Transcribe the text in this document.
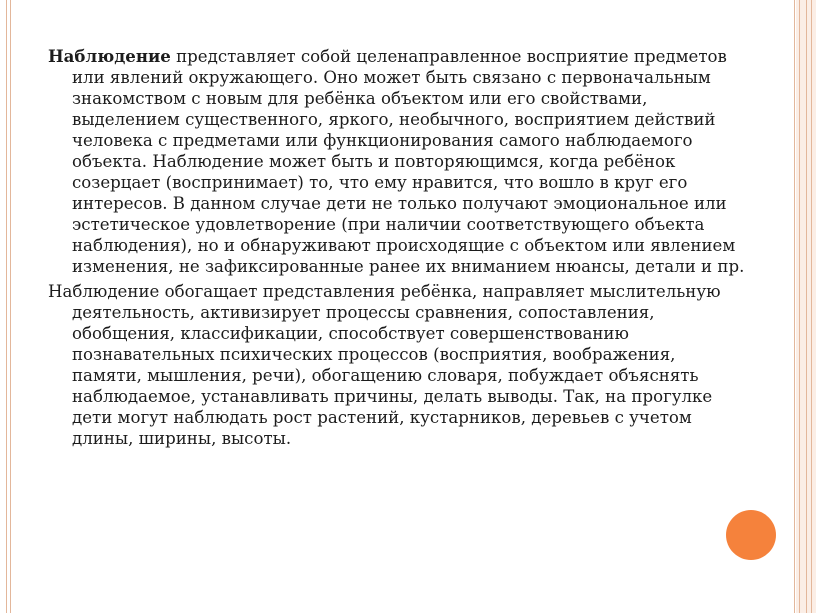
Наблюдение представляет собой целенаправленное восприятие предметов или явлений окружающего. Оно может быть связано с первоначальным знакомством с новым для ребёнка объектом или его свойствами, выделением существенного, яркого, необычного, восприятием действий человека с предметами или функционирования самого наблюдаемого объекта. Наблюдение может быть и повторяющимся, когда ребёнок созерцает (воспринимает) то, что ему нравится, что вошло в круг его интересов. В данном случае дети не только получают эмоциональное или эстетическое удовлетворение (при наличии соответствующего объекта наблюдения), но и обнаруживают происходящие с объектом или явлением изменения, не зафиксированные ранее их вниманием нюансы, детали и пр.

Наблюдение обогащает представления ребёнка, направляет мыслительную деятельность, активизирует процессы сравнения, сопоставления, обобщения, классификации, способствует совершенствованию познавательных психических процессов (восприятия, воображения, памяти, мышления, речи), обогащению словаря, побуждает объяснять наблюдаемое, устанавливать причины, делать выводы. Так, на прогулке дети могут наблюдать рост растений, кустарников, деревьев с учетом длины, ширины, высоты.
